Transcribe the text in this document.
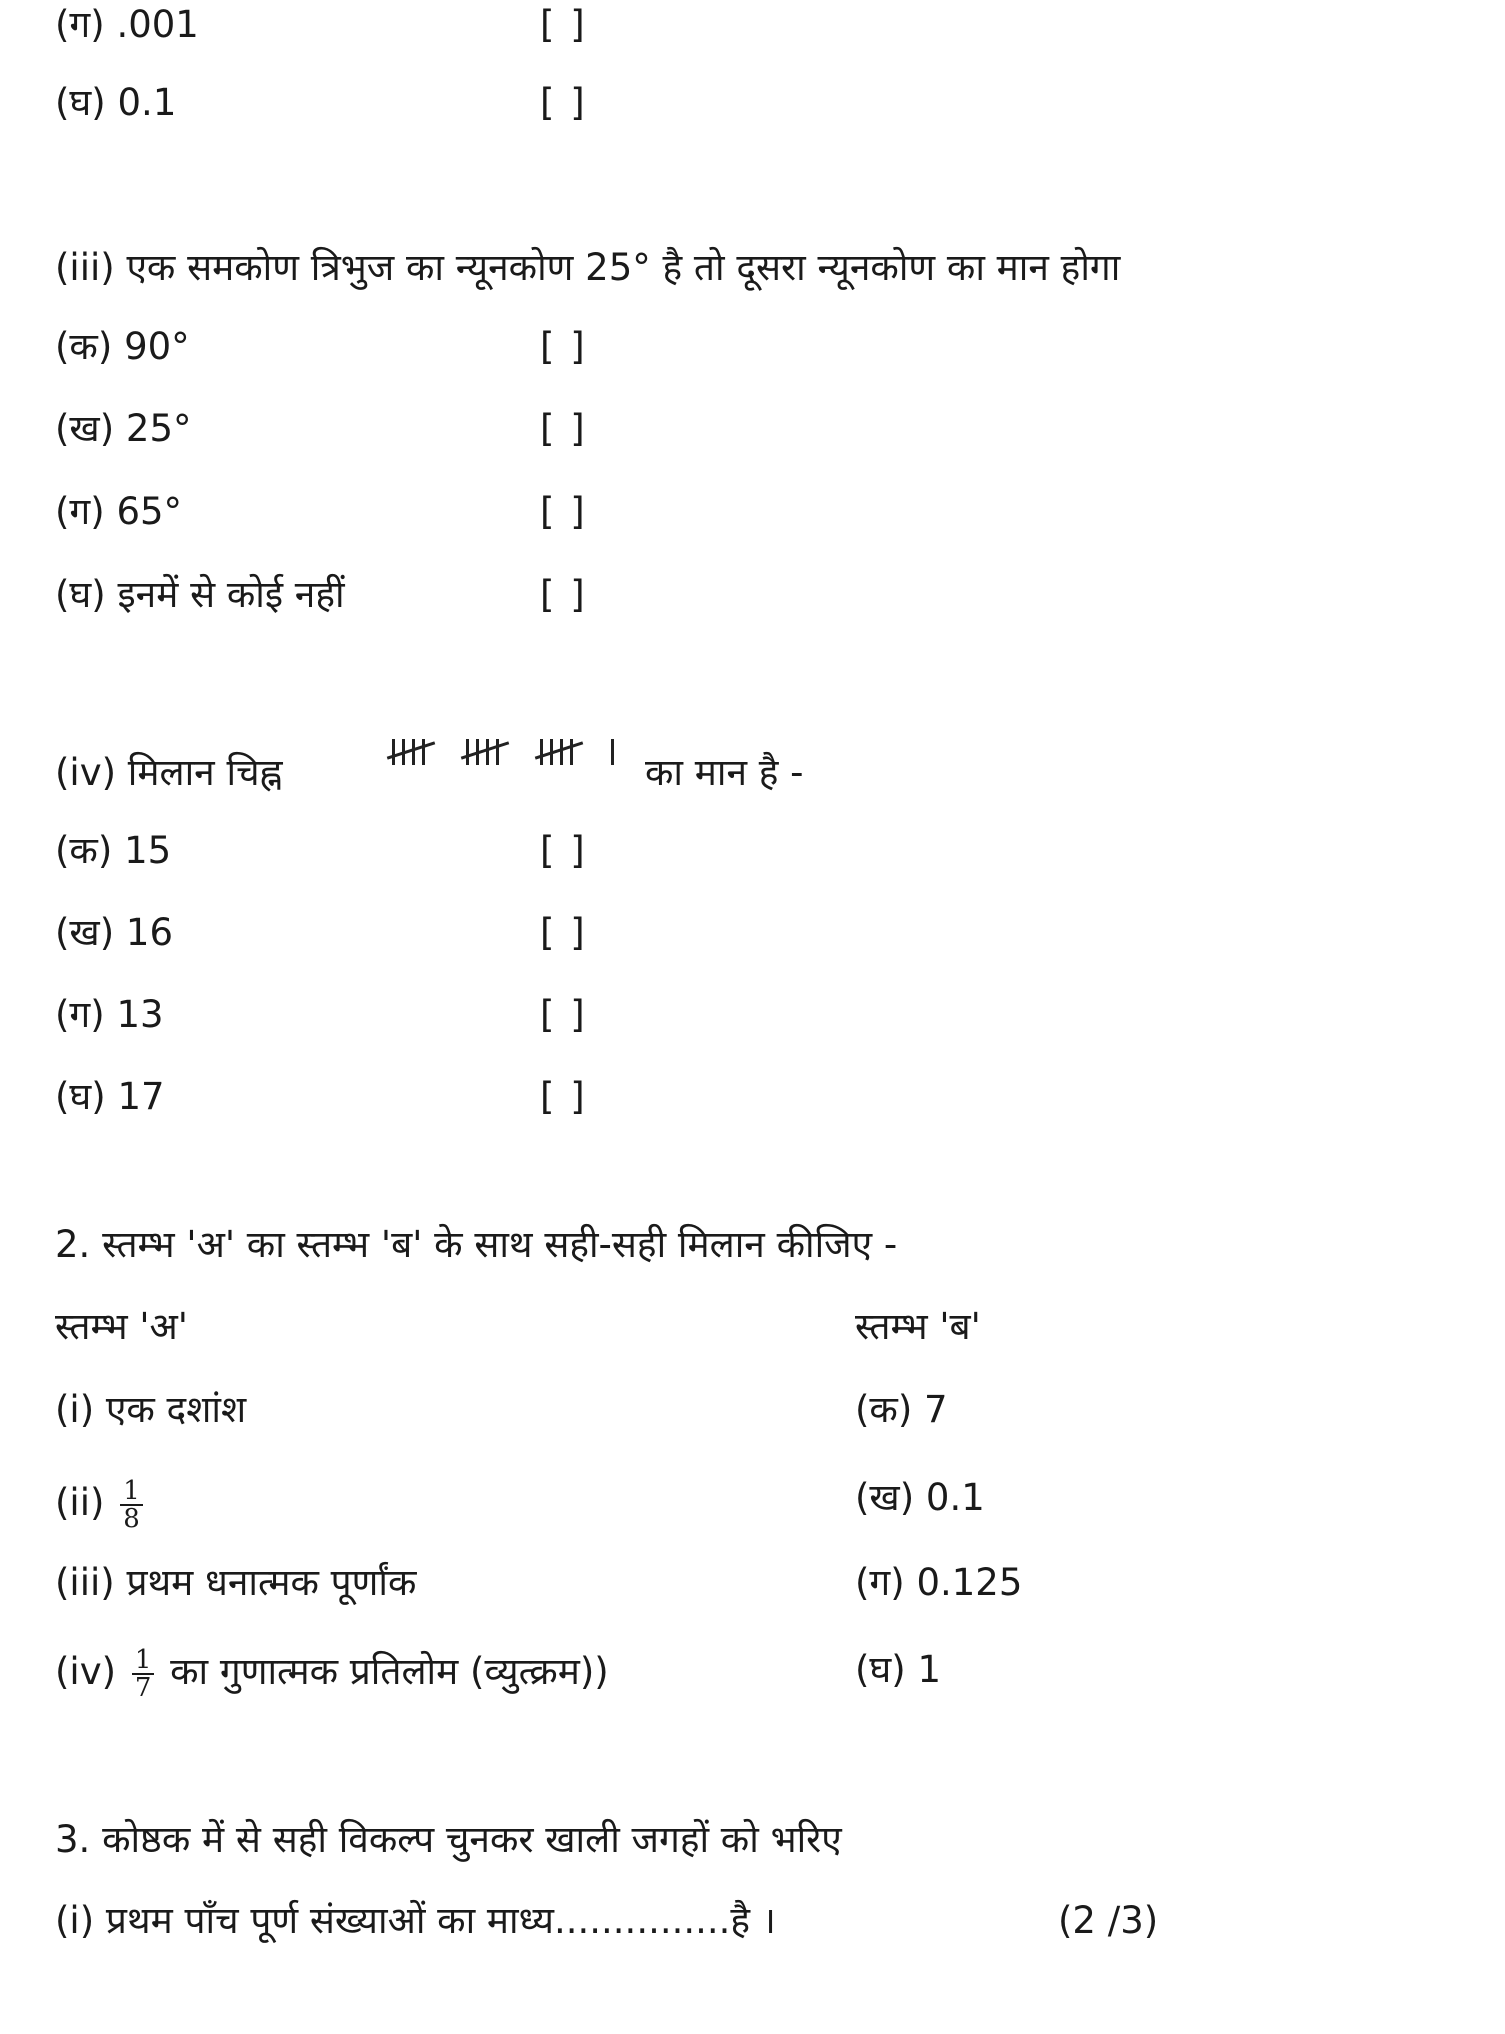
(ग) .001	[ ]
(घ) 0.1	[ ]
(iii) एक समकोण त्रिभुज का न्यूनकोण 25° है तो दूसरा न्यूनकोण का मान होगा
(क) 90°	[ ]
(ख) 25°	[ ]
(ग) 65°	[ ]
(घ) इनमें से कोई नहीं	[ ]
(iv) मिलान चिह्न	का मान है -
(क) 15	[ ]
(ख) 16	[ ]
(ग) 13	[ ]
(घ) 17	[ ]
2. स्तम्भ 'अ' का स्तम्भ 'ब' के साथ सही-सही मिलान कीजिए -
स्तम्भ 'अ'	स्तम्भ 'ब'
(i) एक दशांश	(क) 7
$(ii) \frac{1}{8}$	(ख) 0.1
(iii) प्रथम धनात्मक पूर्णांक	(ग) 0.125
$(iv) \frac{1}{7}$ का गुणात्मक प्रतिलोम (व्युत्क्रम))	(घ) 1
3. कोष्ठक में से सही विकल्प चुनकर खाली जगहों को भरिए
(i) प्रथम पाँच पूर्ण संख्याओं का माध्य...............है ।	(2 /3)
